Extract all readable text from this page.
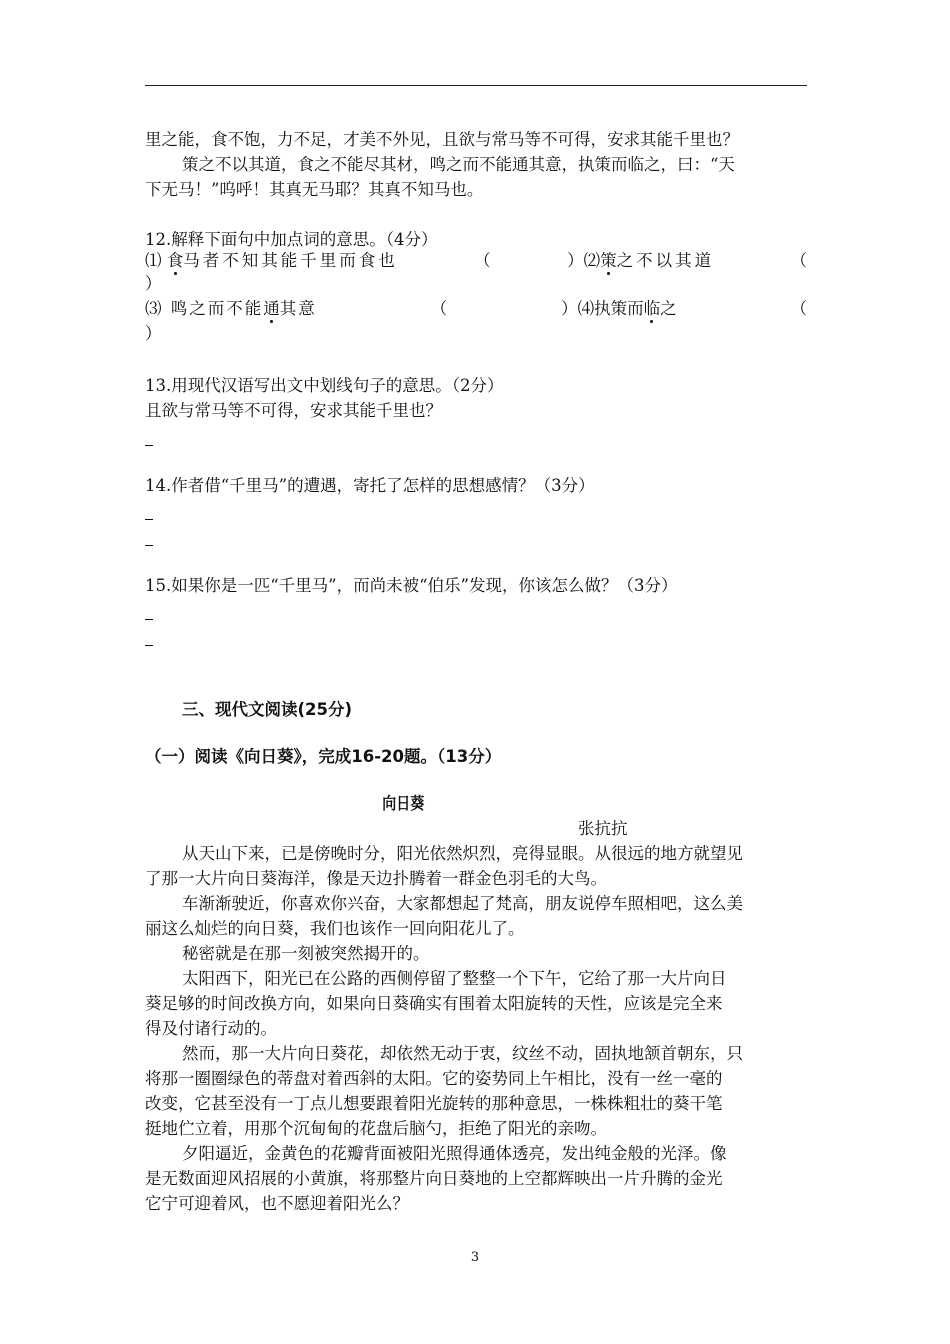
里之能，食不饱，力不足，才美不外见，且欲与常马等不可得，安求其能千里也？
策之不以其道，食之不能尽其材，鸣之而不能通其意，执策而临之，曰：“天
下无马！”呜呼！其真无马耶？其真不知马也。
12.解释下面句中加点词的意思。（4分）
⑴ 食马者不知其能千里而食也	（	）⑵策之不以其道	（
）
⑶ 鸣之而不能通其意	（	）⑷执策而临之	（
）
13.用现代汉语写出文中划线句子的意思。（2分）
且欲与常马等不可得，安求其能千里也？
14.作者借“千里马”的遭遇，寄托了怎样的思想感情？（3分）
15.如果你是一匹“千里马”，而尚未被“伯乐”发现，你该怎么做？（3分）
三、现代文阅读(25分)
（一）阅读《向日葵》，完成16-20题。（13分）
向日葵
张抗抗
从天山下来，已是傍晚时分，阳光依然炽烈，亮得显眼。从很远的地方就望见
了那一大片向日葵海洋，像是天边扑腾着一群金色羽毛的大鸟。
车渐渐驶近，你喜欢你兴奋，大家都想起了梵高，朋友说停车照相吧，这么美
丽这么灿烂的向日葵，我们也该作一回向阳花儿了。
秘密就是在那一刻被突然揭开的。
太阳西下，阳光已在公路的西侧停留了整整一个下午，它给了那一大片向日
葵足够的时间改换方向，如果向日葵确实有围着太阳旋转的天性，应该是完全来
得及付诸行动的。
然而，那一大片向日葵花，却依然无动于衷，纹丝不动，固执地颔首朝东，只
将那一圈圈绿色的蒂盘对着西斜的太阳。它的姿势同上午相比，没有一丝一毫的
改变，它甚至没有一丁点儿想要跟着阳光旋转的那种意思，一株株粗壮的葵干笔
挺地伫立着，用那个沉甸甸的花盘后脑勺，拒绝了阳光的亲吻。
夕阳逼近，金黄色的花瓣背面被阳光照得通体透亮，发出纯金般的光泽。像
是无数面迎风招展的小黄旗，将那整片向日葵地的上空都辉映出一片升腾的金光
它宁可迎着风，也不愿迎着阳光么？
3
